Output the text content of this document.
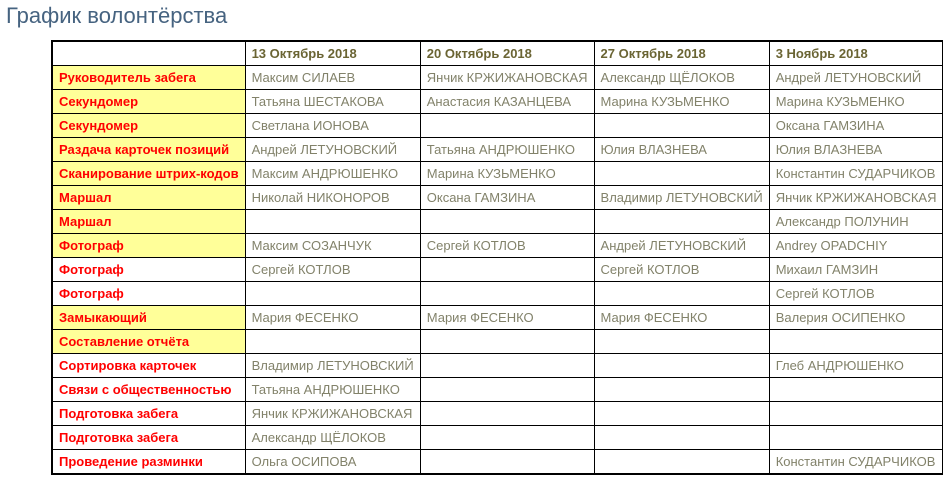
График волонтёрства
	13 Октябрь 2018	20 Октябрь 2018	27 Октябрь 2018	3 Ноябрь 2018
Руководитель забега	Максим СИЛАЕВ	Янчик КРЖИЖАНОВСКАЯ	Александр ЩЁЛОКОВ	Андрей ЛЕТУНОВСКИЙ
Секундомер	Татьяна ШЕСТАКОВА	Анастасия КАЗАНЦЕВА	Марина КУЗЬМЕНКО	Марина КУЗЬМЕНКО
Секундомер	Светлана ИОНОВА			Оксана ГАМЗИНА
Раздача карточек позиций	Андрей ЛЕТУНОВСКИЙ	Татьяна АНДРЮШЕНКО	Юлия ВЛАЗНЕВА	Юлия ВЛАЗНЕВА
Сканирование штрих-кодов	Максим АНДРЮШЕНКО	Марина КУЗЬМЕНКО		Константин СУДАРЧИКОВ
Маршал	Николай НИКОНОРОВ	Оксана ГАМЗИНА	Владимир ЛЕТУНОВСКИЙ	Янчик КРЖИЖАНОВСКАЯ
Маршал				Александр ПОЛУНИН
Фотограф	Максим СОЗАНЧУК	Сергей КОТЛОВ	Андрей ЛЕТУНОВСКИЙ	Andrey OPADCHIY
Фотограф	Сергей КОТЛОВ		Сергей КОТЛОВ	Михаил ГАМЗИН
Фотограф				Сергей КОТЛОВ
Замыкающий	Мария ФЕСЕНКО	Мария ФЕСЕНКО	Мария ФЕСЕНКО	Валерия ОСИПЕНКО
Составление отчёта				
Сортировка карточек	Владимир ЛЕТУНОВСКИЙ			Глеб АНДРЮШЕНКО
Связи с общественностью	Татьяна АНДРЮШЕНКО			
Подготовка забега	Янчик КРЖИЖАНОВСКАЯ			
Подготовка забега	Александр ЩЁЛОКОВ			
Проведение разминки	Ольга ОСИПОВА			Константин СУДАРЧИКОВ
